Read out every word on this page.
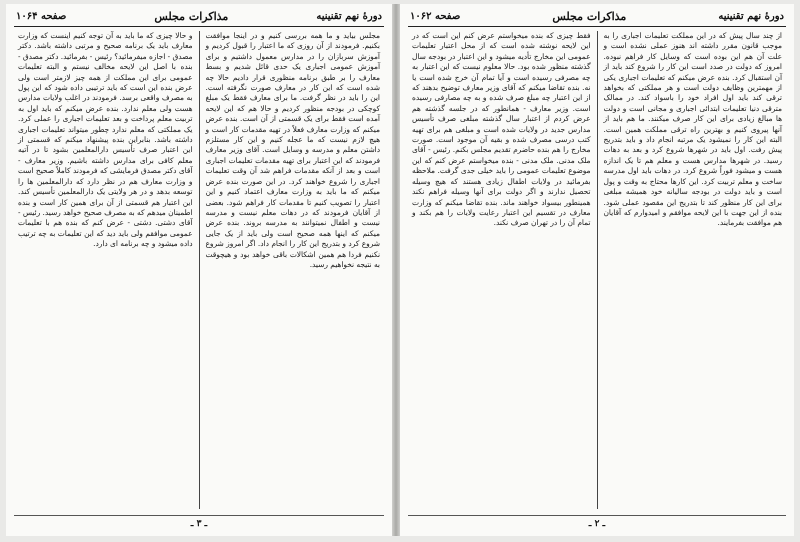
دورهٔ نهم تقنینیه
مذاکرات مجلس
صفحه ۱۰۶۴
مجلس بیاید و ما همه بررسی کنیم و در اینجا موافقت بکنیم. فرمودند از آن روزی که ما اعتبار را قبول کردیم و آموزش سربازان را در مدارس معمول داشتیم و برای آموزش عمومی اجباری یک حدی قائل شدیم و بسط معارف را بر طبق برنامه منظوری قرار دادیم حالا چه شده است که این کار در معارف صورت نگرفته است. این را باید در نظر گرفت. ما برای معارف فقط یک مبلغ کوچکی در بودجه منظور کردیم و حالا هم که این لایحه آمده است فقط برای یک قسمتی از آن است. بنده عرض میکنم که وزارت معارف فعلاً در تهیه مقدمات کار است و هیچ لازم نیست که ما عجله کنیم و این کار مستلزم داشتن معلم و مدرسه و وسایل است. آقای وزیر معارف فرمودند که این اعتبار برای تهیه مقدمات تعلیمات اجباری است و بعد از آنکه مقدمات فراهم شد آن وقت تعلیمات اجباری را شروع خواهند کرد. در این صورت بنده عرض میکنم که ما باید به وزارت معارف اعتماد کنیم و این اعتبار را تصویب کنیم تا مقدمات کار فراهم شود. بعضی از آقایان فرمودند که در دهات معلم نیست و مدرسه نیست و اطفال نمیتوانند به مدرسه بروند. بنده عرض میکنم که اینها همه صحیح است ولی باید از یک جایی شروع کرد و بتدریج این کار را انجام داد. اگر امروز شروع نکنیم فردا هم همین اشکالات باقی خواهد بود و هیچوقت به نتیجه نخواهیم رسید.
و حالا چیزی که ما باید به آن توجه کنیم اینست که وزارت معارف باید یک برنامه صحیح و مرتبی داشته باشد. دکتر مصدق - اجازه میفرمائید؟ رئیس - بفرمائید. دکتر مصدق - بنده با اصل این لایحه مخالف نیستم و البته تعلیمات عمومی برای این مملکت از همه چیز لازمتر است ولی عرض بنده این است که باید ترتیبی داده شود که این پول به مصرف واقعی برسد. فرمودند در اغلب ولایات مدارس هست ولی معلم ندارد. بنده عرض میکنم که باید اول به تربیت معلم پرداخت و بعد تعلیمات اجباری را عملی کرد. یک مملکتی که معلم ندارد چطور میتواند تعلیمات اجباری داشته باشد. بنابراین بنده پیشنهاد میکنم که قسمتی از این اعتبار صرف تأسیس دارالمعلمین بشود تا در آتیه معلم کافی برای مدارس داشته باشیم. وزیر معارف - آقای دکتر مصدق فرمایشی که فرمودند کاملاً صحیح است و وزارت معارف هم در نظر دارد که دارالمعلمین ها را توسعه بدهد و در هر ولایتی یک دارالمعلمین تأسیس کند. این اعتبار هم قسمتی از آن برای همین کار است و بنده اطمینان میدهم که به مصرف صحیح خواهد رسید. رئیس - آقای دشتی. دشتی - عرض کنم که بنده هم با تعلیمات عمومی موافقم ولی باید دید که این تعلیمات به چه ترتیب داده میشود و چه برنامه ای دارد.
ـ ۳ ـ
دورهٔ نهم تقنینیه
مذاکرات مجلس
صفحه ۱۰۶۲
از چند سال پیش که در این مملکت تعلیمات اجباری را به موجب قانون مقرر داشته اند هنوز عملی نشده است و علت آن هم این بوده است که وسایل کار فراهم نبوده. امروز که دولت در صدد است این کار را شروع کند باید از آن استقبال کرد. بنده عرض میکنم که تعلیمات اجباری یکی از مهمترین وظایف دولت است و هر مملکتی که بخواهد ترقی کند باید اول افراد خود را باسواد کند. در ممالک مترقی دنیا تعلیمات ابتدائی اجباری و مجانی است و دولت ها مبالغ زیادی برای این کار صرف میکنند. ما هم باید از آنها پیروی کنیم و بهترین راه ترقی مملکت همین است. البته این کار را نمیشود یک مرتبه انجام داد و باید بتدریج پیش رفت. اول باید در شهرها شروع کرد و بعد به دهات رسید. در شهرها مدارس هست و معلم هم تا یک اندازه هست و میشود فوراً شروع کرد. در دهات باید اول مدرسه ساخت و معلم تربیت کرد. این کارها محتاج به وقت و پول است و باید دولت در بودجه سالیانه خود همیشه مبلغی برای این کار منظور کند تا بتدریج این مقصود عملی شود. بنده از این جهت با این لایحه موافقم و امیدوارم که آقایان هم موافقت بفرمایند.
فقط چیزی که بنده میخواستم عرض کنم این است که در این لایحه نوشته شده است که از محل اعتبار تعلیمات عمومی این مخارج تأدیه میشود و این اعتبار در بودجه سال گذشته منظور شده بود. حالا معلوم نیست که این اعتبار به چه مصرفی رسیده است و آیا تمام آن خرج شده است یا نه. بنده تقاضا میکنم که آقای وزیر معارف توضیح بدهند که از این اعتبار چه مبلغ صرف شده و به چه مصارفی رسیده است. وزیر معارف - همانطور که در جلسه گذشته هم عرض کردم از اعتبار سال گذشته مبلغی صرف تأسیس مدارس جدید در ولایات شده است و مبلغی هم برای تهیه کتب درسی مصرف شده و بقیه آن موجود است. صورت مخارج را هم بنده حاضرم تقدیم مجلس بکنم. رئیس - آقای ملک مدنی. ملک مدنی - بنده میخواستم عرض کنم که این موضوع تعلیمات عمومی را باید خیلی جدی گرفت. ملاحظه بفرمائید در ولایات اطفال زیادی هستند که هیچ وسیله تحصیل ندارند و اگر دولت برای آنها وسیله فراهم نکند همینطور بیسواد خواهند ماند. بنده تقاضا میکنم که وزارت معارف در تقسیم این اعتبار رعایت ولایات را هم بکند و تمام آن را در تهران صرف نکند.
ـ ۲ ـ
